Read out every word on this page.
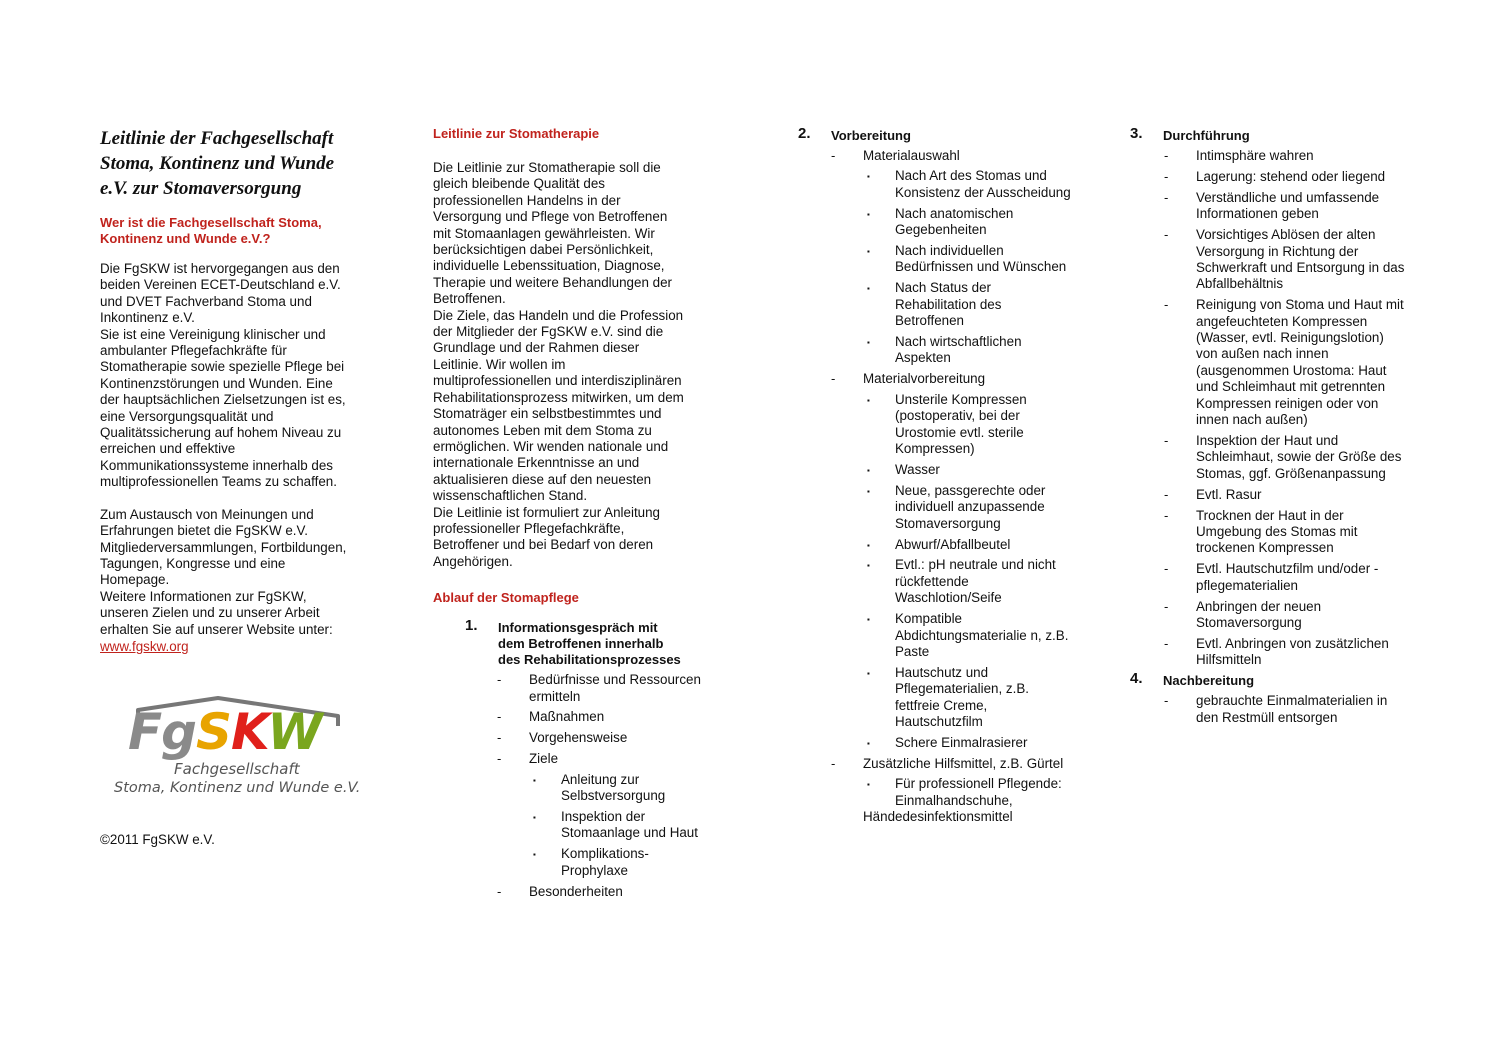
Leitlinie der Fachgesellschaft
Stoma, Kontinenz und Wunde
e.V. zur Stomaversorgung
Wer ist die Fachgesellschaft Stoma,
Kontinenz und Wunde e.V.?

Die FgSKW ist hervorgegangen aus den
beiden Vereinen ECET-Deutschland e.V.
und DVET Fachverband Stoma und
Inkontinenz e.V.
Sie ist eine Vereinigung klinischer und
ambulanter Pflegefachkräfte für
Stomatherapie sowie spezielle Pflege bei
Kontinenzstörungen und Wunden. Eine
der hauptsächlichen Zielsetzungen ist es,
eine Versorgungsqualität und
Qualitätssicherung auf hohem Niveau zu
erreichen und effektive
Kommunikationssysteme innerhalb des
multiprofessionellen Teams zu schaffen.

Zum Austausch von Meinungen und
Erfahrungen bietet die FgSKW e.V.
Mitgliederversammlungen, Fortbildungen,
Tagungen, Kongresse und eine
Homepage.
Weitere Informationen zur FgSKW,
unseren Zielen und zu unserer Arbeit
erhalten Sie auf unserer Website unter:

www.fgskw.org
FgSKW
Fachgesellschaft
Stoma, Kontinenz und Wunde e.V.
©2011 FgSKW e.V.
Leitlinie zur Stomatherapie

Die Leitlinie zur Stomatherapie soll die
gleich bleibende Qualität des
professionellen Handelns in der
Versorgung und Pflege von Betroffenen
mit Stomaanlagen gewährleisten. Wir
berücksichtigen dabei Persönlichkeit,
individuelle Lebenssituation, Diagnose,
Therapie und weitere Behandlungen der
Betroffenen.
Die Ziele, das Handeln und die Profession
der Mitglieder der FgSKW e.V. sind die
Grundlage und der Rahmen dieser
Leitlinie. Wir wollen im
multiprofessionellen und interdisziplinären
Rehabilitationsprozess mitwirken, um dem
Stomaträger ein selbstbestimmtes und
autonomes Leben mit dem Stoma zu
ermöglichen. Wir wenden nationale und
internationale Erkenntnisse an und
aktualisieren diese auf den neuesten
wissenschaftlichen Stand.
Die Leitlinie ist formuliert zur Anleitung
professioneller Pflegefachkräfte,
Betroffener und bei Bedarf von deren
Angehörigen.

Ablauf der Stomapflege
1. Informationsgespräch mit
dem Betroffenen innerhalb
des Rehabilitationsprozesses
- Bedürfnisse und Ressourcen ermitteln
- Maßnahmen
- Vorgehensweise
- Ziele
▪ Anleitung zur Selbstversorgung
▪ Inspektion der Stomaanlage und Haut
▪ Komplikations-Prophylaxe
- Besonderheiten
2. Vorbereitung
- Materialauswahl
▪ Nach Art des Stomas und Konsistenz der Ausscheidung
▪ Nach anatomischen Gegebenheiten
▪ Nach individuellen Bedürfnissen und Wünschen
▪ Nach Status der Rehabilitation des Betroffenen
▪ Nach wirtschaftlichen Aspekten
- Materialvorbereitung
▪ Unsterile Kompressen (postoperativ, bei der Urostomie evtl. sterile Kompressen)
▪ Wasser
▪ Neue, passgerechte oder individuell anzupassende Stomaversorgung
▪ Abwurf/Abfallbeutel
▪ Evtl.: pH neutrale und nicht rückfettende Waschlotion/Seife
▪ Kompatible Abdichtungsmaterialie n, z.B. Paste
▪ Hautschutz und Pflegematerialien, z.B. fettfreie Creme, Hautschutzfilm
▪ Schere Einmalrasierer
- Zusätzliche Hilfsmittel, z.B. Gürtel
▪ Für professionell Pflegende: Einmalhandschuhe,
Händedesinfektionsmittel
3. Durchführung
- Intimsphäre wahren
- Lagerung: stehend oder liegend
- Verständliche und umfassende Informationen geben
- Vorsichtiges Ablösen der alten Versorgung in Richtung der Schwerkraft und Entsorgung in das Abfallbehältnis
- Reinigung von Stoma und Haut mit angefeuchteten Kompressen (Wasser, evtl. Reinigungslotion) von außen nach innen (ausgenommen Urostoma: Haut und Schleimhaut mit getrennten Kompressen reinigen oder von innen nach außen)
- Inspektion der Haut und Schleimhaut, sowie der Größe des Stomas, ggf. Größenanpassung
- Evtl. Rasur
- Trocknen der Haut in der Umgebung des Stomas mit trockenen Kompressen
- Evtl. Hautschutzfilm und/oder -pflegematerialien
- Anbringen der neuen Stomaversorgung
- Evtl. Anbringen von zusätzlichen Hilfsmitteln
4. Nachbereitung
- gebrauchte Einmalmaterialien in den Restmüll entsorgen
